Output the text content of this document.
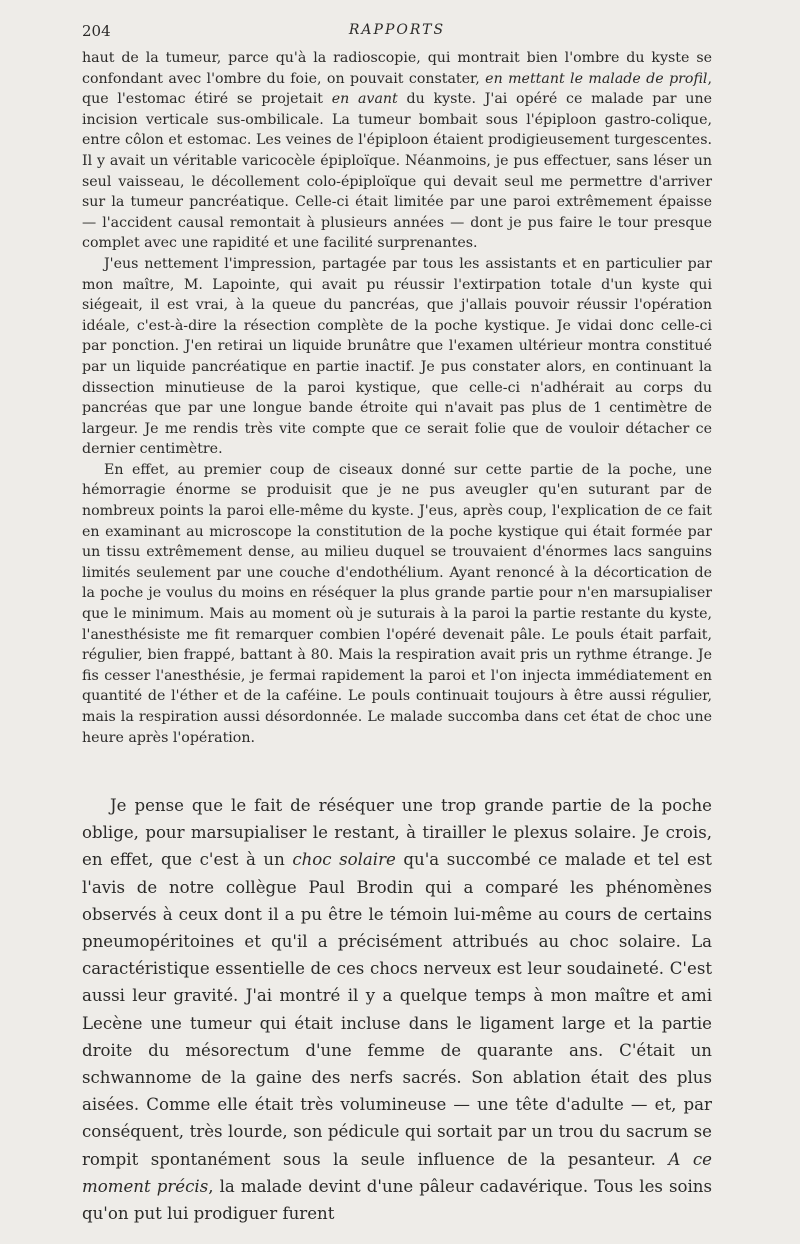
204	RAPPORTS

haut de la tumeur, parce qu'à la radioscopie, qui montrait bien l'ombre du kyste se confondant avec l'ombre du foie, on pouvait constater, en mettant le malade de profil, que l'estomac étiré se projetait en avant du kyste. J'ai opéré ce malade par une incision verticale sus-ombilicale. La tumeur bombait sous l'épiploon gastro-colique, entre côlon et estomac. Les veines de l'épiploon étaient prodigieusement turgescentes. Il y avait un véritable varicocèle épiploïque. Néanmoins, je pus effectuer, sans léser un seul vaisseau, le décollement colo-épiploïque qui devait seul me permettre d'arriver sur la tumeur pancréatique. Celle-ci était limitée par une paroi extrêmement épaisse — l'accident causal remontait à plusieurs années — dont je pus faire le tour presque complet avec une rapidité et une facilité surprenantes.

J'eus nettement l'impression, partagée par tous les assistants et en particulier par mon maître, M. Lapointe, qui avait pu réussir l'extirpation totale d'un kyste qui siégeait, il est vrai, à la queue du pancréas, que j'allais pouvoir réussir l'opération idéale, c'est-à-dire la résection complète de la poche kystique. Je vidai donc celle-ci par ponction. J'en retirai un liquide brunâtre que l'examen ultérieur montra constitué par un liquide pancréatique en partie inactif. Je pus constater alors, en continuant la dissection minutieuse de la paroi kystique, que celle-ci n'adhérait au corps du pancréas que par une longue bande étroite qui n'avait pas plus de 1 centimètre de largeur. Je me rendis très vite compte que ce serait folie que de vouloir détacher ce dernier centimètre.

En effet, au premier coup de ciseaux donné sur cette partie de la poche, une hémorragie énorme se produisit que je ne pus aveugler qu'en suturant par de nombreux points la paroi elle-même du kyste. J'eus, après coup, l'explication de ce fait en examinant au microscope la constitution de la poche kystique qui était formée par un tissu extrêmement dense, au milieu duquel se trouvaient d'énormes lacs sanguins limités seulement par une couche d'endothélium. Ayant renoncé à la décortication de la poche je voulus du moins en réséquer la plus grande partie pour n'en marsupialiser que le minimum. Mais au moment où je suturais à la paroi la partie restante du kyste, l'anesthésiste me fit remarquer combien l'opéré devenait pâle. Le pouls était parfait, régulier, bien frappé, battant à 80. Mais la respiration avait pris un rythme étrange. Je fis cesser l'anesthésie, je fermai rapidement la paroi et l'on injecta immédiatement en quantité de l'éther et de la caféine. Le pouls continuait toujours à être aussi régulier, mais la respiration aussi désordonnée. Le malade succomba dans cet état de choc une heure après l'opération.

Je pense que le fait de réséquer une trop grande partie de la poche oblige, pour marsupialiser le restant, à tirailler le plexus solaire. Je crois, en effet, que c'est à un choc solaire qu'a succombé ce malade et tel est l'avis de notre collègue Paul Brodin qui a comparé les phénomènes observés à ceux dont il a pu être le témoin lui-même au cours de certains pneumopéritoines et qu'il a précisément attribués au choc solaire. La caractéristique essentielle de ces chocs nerveux est leur soudaineté. C'est aussi leur gravité. J'ai montré il y a quelque temps à mon maître et ami Lecène une tumeur qui était incluse dans le ligament large et la partie droite du mésorectum d'une femme de quarante ans. C'était un schwannome de la gaine des nerfs sacrés. Son ablation était des plus aisées. Comme elle était très volumineuse — une tête d'adulte — et, par conséquent, très lourde, son pédicule qui sortait par un trou du sacrum se rompit spontanément sous la seule influence de la pesanteur. A ce moment précis, la malade devint d'une pâleur cadavérique. Tous les soins qu'on put lui prodiguer furent
